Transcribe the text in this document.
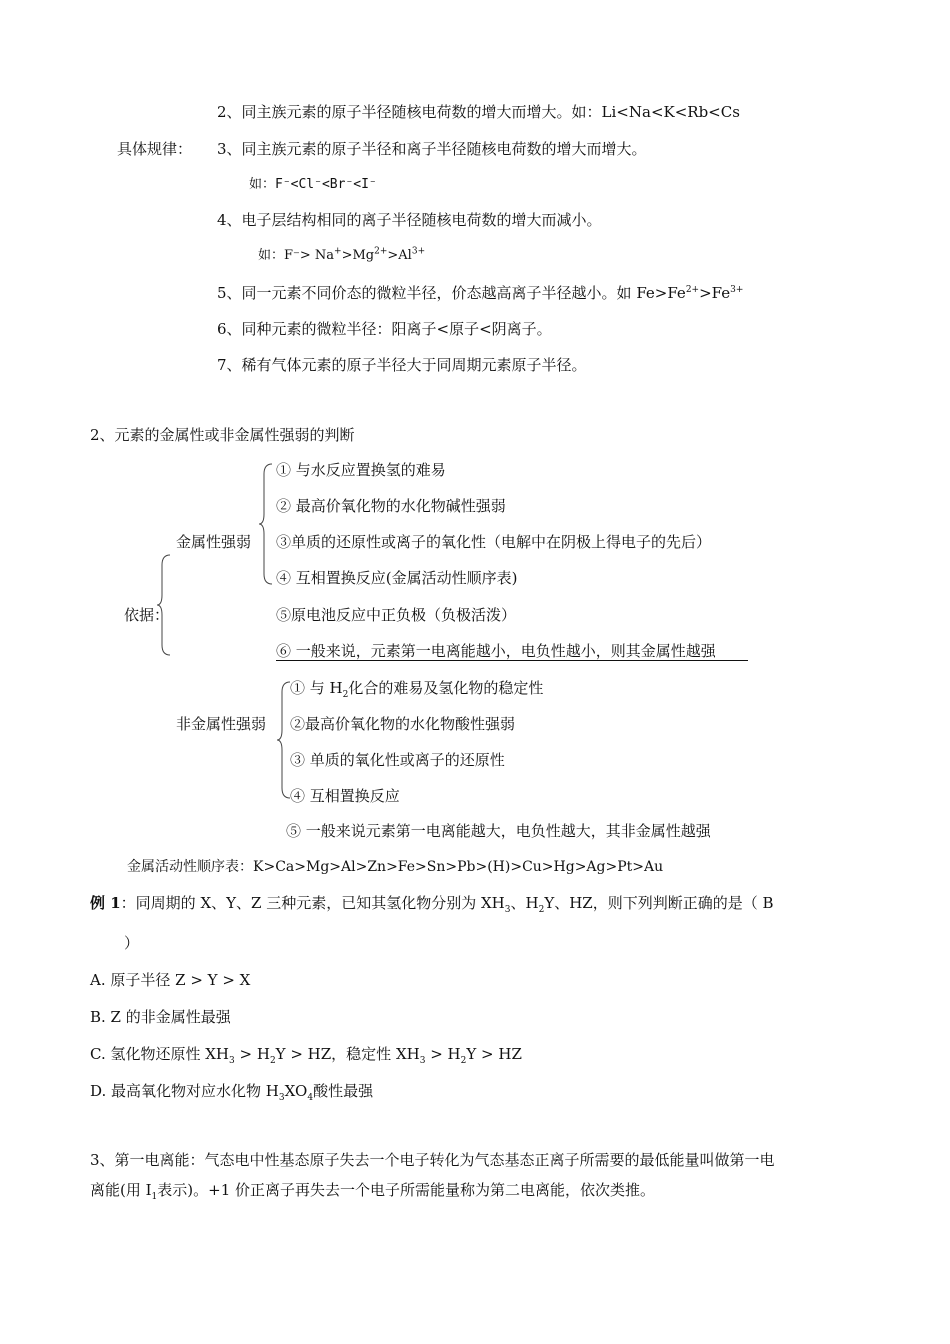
2、同主族元素的原子半径随核电荷数的增大而增大。如：Li<Na<K<Rb<Cs
具体规律： 3、同主族元素的原子半径和离子半径随核电荷数的增大而增大。
如：F⁻<Cl⁻<Br⁻<I⁻
4、电子层结构相同的离子半径随核电荷数的增大而减小。
如：$F^-> Na^+>Mg^{2+}>Al^{3+}$
5、同一元素不同价态的微粒半径，价态越高离子半径越小。如 $Fe>Fe^{2+}>Fe^{3+}$
6、同种元素的微粒半径：阳离子<原子<阴离子。
7、稀有气体元素的原子半径大于同周期元素原子半径。
2、元素的金属性或非金属性强弱的判断
① 与水反应置换氢的难易
② 最高价氧化物的水化物碱性强弱
金属性强弱 ③单质的还原性或离子的氧化性（电解中在阴极上得电子的先后）
④ 互相置换反应(金属活动性顺序表)
依据：	⑤原电池反应中正负极（负极活泼）
⑥ 一般来说，元素第一电离能越小，电负性越小，则其金属性越强
① 与 $H_2$化合的难易及氢化物的稳定性
非金属性强弱 ②最高价氧化物的水化物酸性强弱
③ 单质的氧化性或离子的还原性
④ 互相置换反应
⑤ 一般来说元素第一电离能越大，电负性越大，其非金属性越强
金属活动性顺序表：K>Ca>Mg>Al>Zn>Fe>Sn>Pb>(H)>Cu>Hg>Ag>Pt>Au
例 1：同周期的 X、Y、Z 三种元素，已知其氢化物分别为 $XH_3$、$H_2Y$、HZ，则下列判断正确的是（ B
）
A. 原子半径 Z > Y > X
B. Z 的非金属性最强
C. 氢化物还原性 $XH_3 > H_2Y$ > HZ，稳定性 $XH_3 > H_2Y$ > HZ
D. 最高氧化物对应水化物 $H_3XO_4$酸性最强
3、第一电离能：气态电中性基态原子失去一个电子转化为气态基态正离子所需要的最低能量叫做第一电
离能(用 $I_1$表示)。+1 价正离子再失去一个电子所需能量称为第二电离能，依次类推。
